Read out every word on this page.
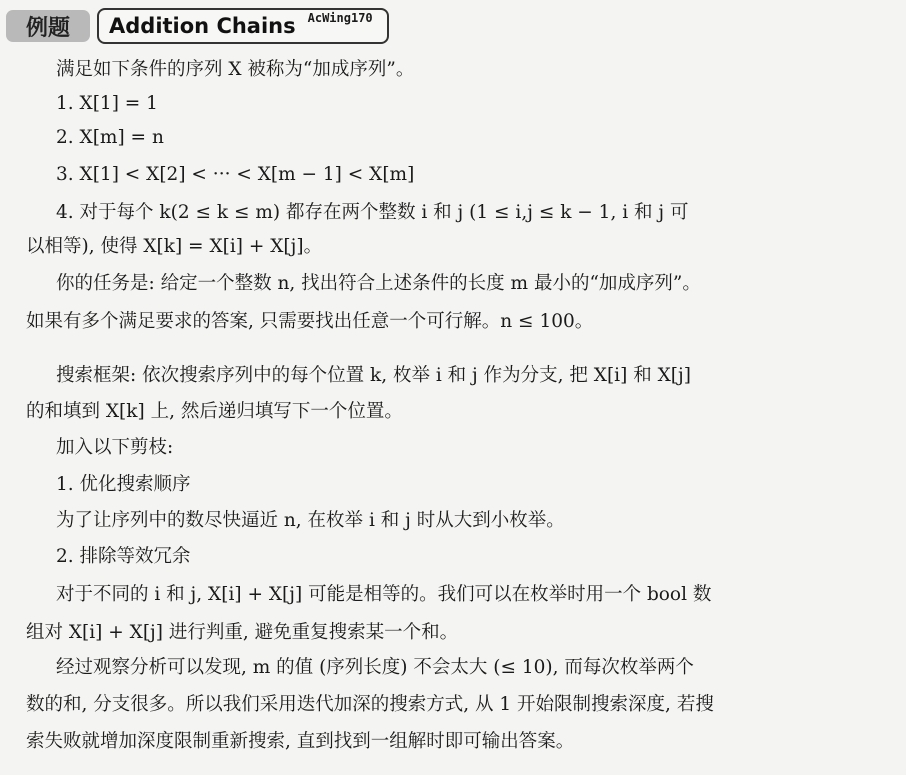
例题	Addition Chains AcWing170
满足如下条件的序列 X 被称为“加成序列”。
1. X[1] = 1
2. X[m] = n
3. X[1] < X[2] < ··· < X[m − 1] < X[m]
4. 对于每个 k(2 ≤ k ≤ m) 都存在两个整数 i 和 j (1 ≤ i,j ≤ k − 1, i 和 j 可
以相等), 使得 X[k] = X[i] + X[j]。
你的任务是: 给定一个整数 n, 找出符合上述条件的长度 m 最小的“加成序列”。
如果有多个满足要求的答案, 只需要找出任意一个可行解。n ≤ 100。
搜索框架: 依次搜索序列中的每个位置 k, 枚举 i 和 j 作为分支, 把 X[i] 和 X[j]
的和填到 X[k] 上, 然后递归填写下一个位置。
加入以下剪枝:
1. 优化搜索顺序
为了让序列中的数尽快逼近 n, 在枚举 i 和 j 时从大到小枚举。
2. 排除等效冗余
对于不同的 i 和 j, X[i] + X[j] 可能是相等的。我们可以在枚举时用一个 bool 数
组对 X[i] + X[j] 进行判重, 避免重复搜索某一个和。
经过观察分析可以发现, m 的值 (序列长度) 不会太大 (≤ 10), 而每次枚举两个
数的和, 分支很多。所以我们采用迭代加深的搜索方式, 从 1 开始限制搜索深度, 若搜
索失败就增加深度限制重新搜索, 直到找到一组解时即可输出答案。
